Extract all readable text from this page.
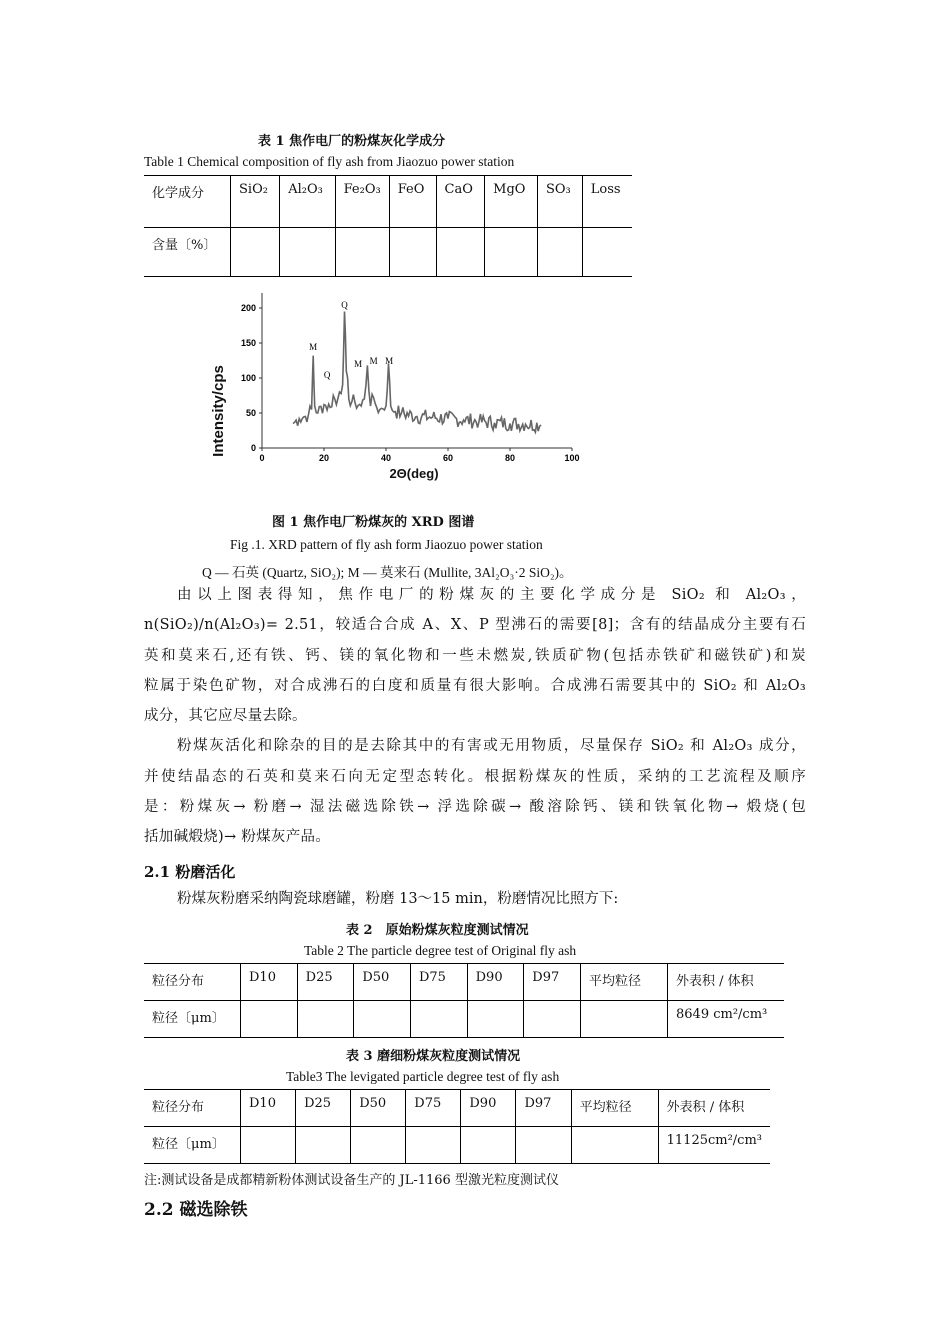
表 1 焦作电厂的粉煤灰化学成分
Table 1 Chemical composition of fly ash from Jiaozuo power station
化学成分	SiO₂	Al₂O₃	Fe₂O₃	FeO	CaO	MgO	SO₃	Loss
含量〔%〕								
0	20	40	60	80	100
0
50
100
150
200	Q
M
Q
M M M
Intensity/cps
2Θ(deg)
图 1 焦作电厂粉煤灰的 XRD 图谱
Fig .1. XRD pattern of fly ash form Jiaozuo power station
Q — 石英 (Quartz, SiO₂); M — 莫来石 (Mullite, 3Al₂O₃·2 SiO₂)。

由以上图表得知，焦作电厂的粉煤灰的主要化学成分是 SiO₂ 和 Al₂O₃，

n(SiO₂)/n(Al₂O₃)= 2.51，较适合合成 A、X、P 型沸石的需要[8]；含有的结晶成分主要有石

英和莫来石,还有铁、钙、镁的氧化物和一些未燃炭,铁质矿物(包括赤铁矿和磁铁矿)和炭

粒属于染色矿物，对合成沸石的白度和质量有很大影响。合成沸石需要其中的 SiO₂ 和 Al₂O₃

成分，其它应尽量去除。

粉煤灰活化和除杂的目的是去除其中的有害或无用物质，尽量保存 SiO₂ 和 Al₂O₃ 成分，

并使结晶态的石英和莫来石向无定型态转化。根据粉煤灰的性质，采纳的工艺流程及顺序

是：粉煤灰→ 粉磨→ 湿法磁选除铁→ 浮选除碳→ 酸溶除钙、镁和铁氧化物→ 煅烧(包

括加碱煅烧)→ 粉煤灰产品。

2.1 粉磨活化
粉煤灰粉磨采纳陶瓷球磨罐，粉磨 13～15 min，粉磨情况比照方下:
表 2　原始粉煤灰粒度测试情况
Table 2 The particle degree test of Original fly ash
粒径分布	D10	D25	D50	D75	D90	D97	平均粒径	外表积 / 体积
粒径〔μm〕								8649 cm²/cm³
表 3 磨细粉煤灰粒度测试情况
Table3 The levigated particle degree test of fly ash
粒径分布	D10	D25	D50	D75	D90	D97	平均粒径	外表积 / 体积
粒径〔μm〕								11125cm²/cm³
注:测试设备是成都精新粉体测试设备生产的 JL-1166 型激光粒度测试仪
2.2 磁选除铁
